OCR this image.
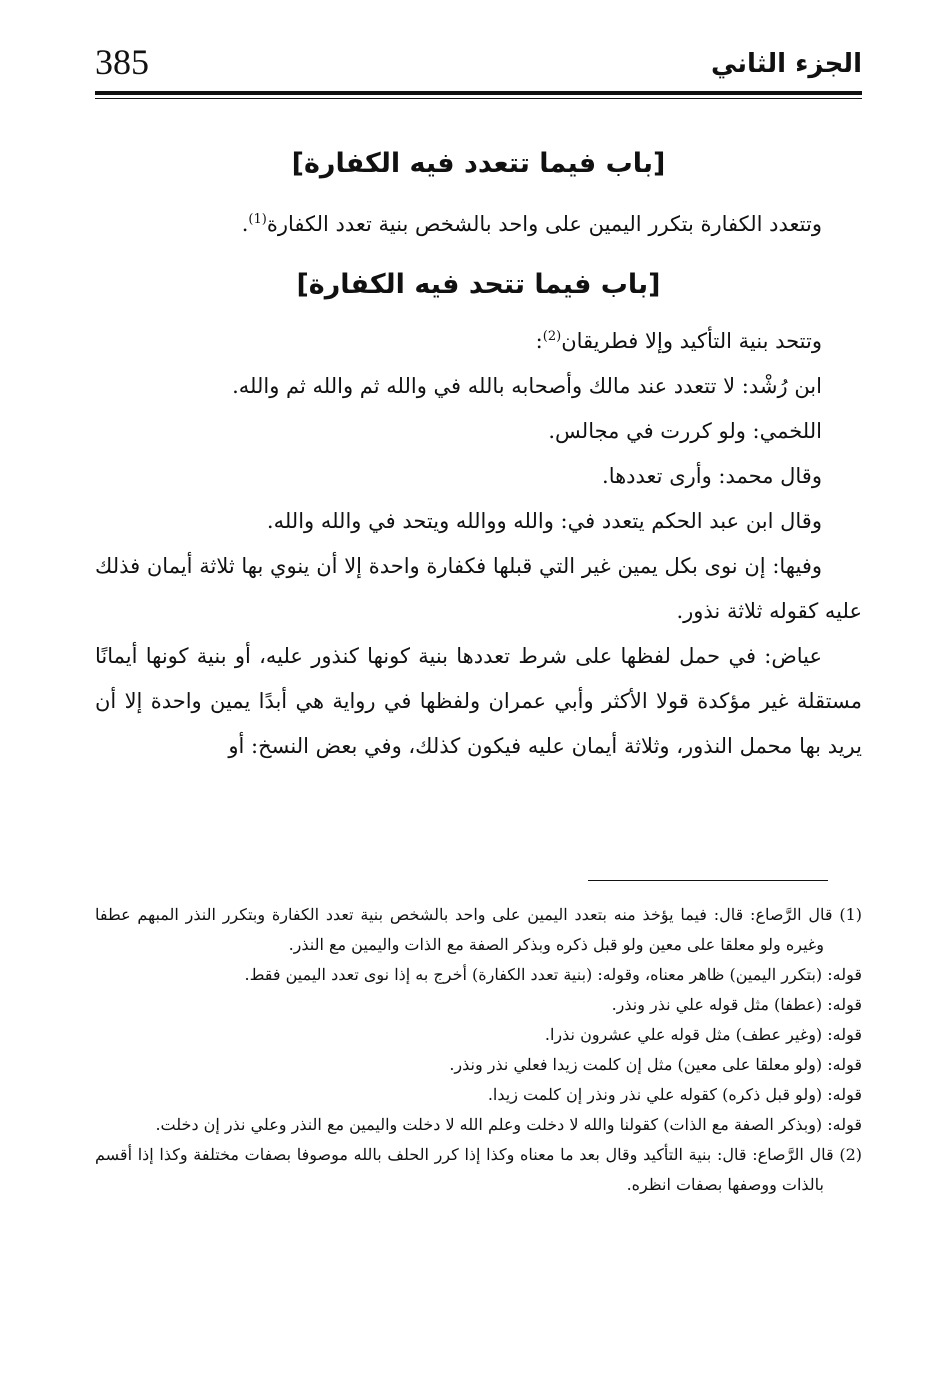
385	الجزء الثاني
[باب فيما تتعدد فيه الكفارة]

وتتعدد الكفارة بتكرر اليمين على واحد بالشخص بنية تعدد الكفارة$^{(1)}$.

[باب فيما تتحد فيه الكفارة]

وتتحد بنية التأكيد وإلا فطريقان$^{(2)}$:

ابن رُشْد: لا تتعدد عند مالك وأصحابه بالله في والله ثم والله ثم والله.

اللخمي: ولو كررت في مجالس.

وقال محمد: وأرى تعددها.

وقال ابن عبد الحكم يتعدد في: والله ووالله ويتحد في والله والله.

وفيها: إن نوى بكل يمين غير التي قبلها فكفارة واحدة إلا أن ينوي بها ثلاثة أيمان فذلك عليه كقوله ثلاثة نذور.

عياض: في حمل لفظها على شرط تعددها بنية كونها كنذور عليه، أو بنية كونها أيمانًا مستقلة غير مؤكدة قولا الأكثر وأبي عمران ولفظها في رواية هي أبدًا يمين واحدة إلا أن يريد بها محمل النذور، وثلاثة أيمان عليه فيكون كذلك، وفي بعض النسخ: أو

(1) قال الرَّصاع: قال: فيما يؤخذ منه بتعدد اليمين على واحد بالشخص بنية تعدد الكفارة وبتكرر النذر المبهم عطفا وغيره ولو معلقا على معين ولو قبل ذكره وبذكر الصفة مع الذات واليمين مع النذر.

قوله: (بتكرر اليمين) ظاهر معناه، وقوله: (بنية تعدد الكفارة) أخرج به إذا نوى تعدد اليمين فقط.

قوله: (عطفا) مثل قوله علي نذر ونذر.

قوله: (وغير عطف) مثل قوله علي عشرون نذرا.

قوله: (ولو معلقا على معين) مثل إن كلمت زيدا فعلي نذر ونذر.

قوله: (ولو قبل ذكره) كقوله علي نذر ونذر إن كلمت زيدا.

قوله: (وبذكر الصفة مع الذات) كقولنا والله لا دخلت وعلم الله لا دخلت واليمين مع النذر وعلي نذر إن دخلت.

(2) قال الرَّصاع: قال: بنية التأكيد وقال بعد ما معناه وكذا إذا كرر الحلف بالله موصوفا بصفات مختلفة وكذا إذا أقسم بالذات ووصفها بصفات انظره.
